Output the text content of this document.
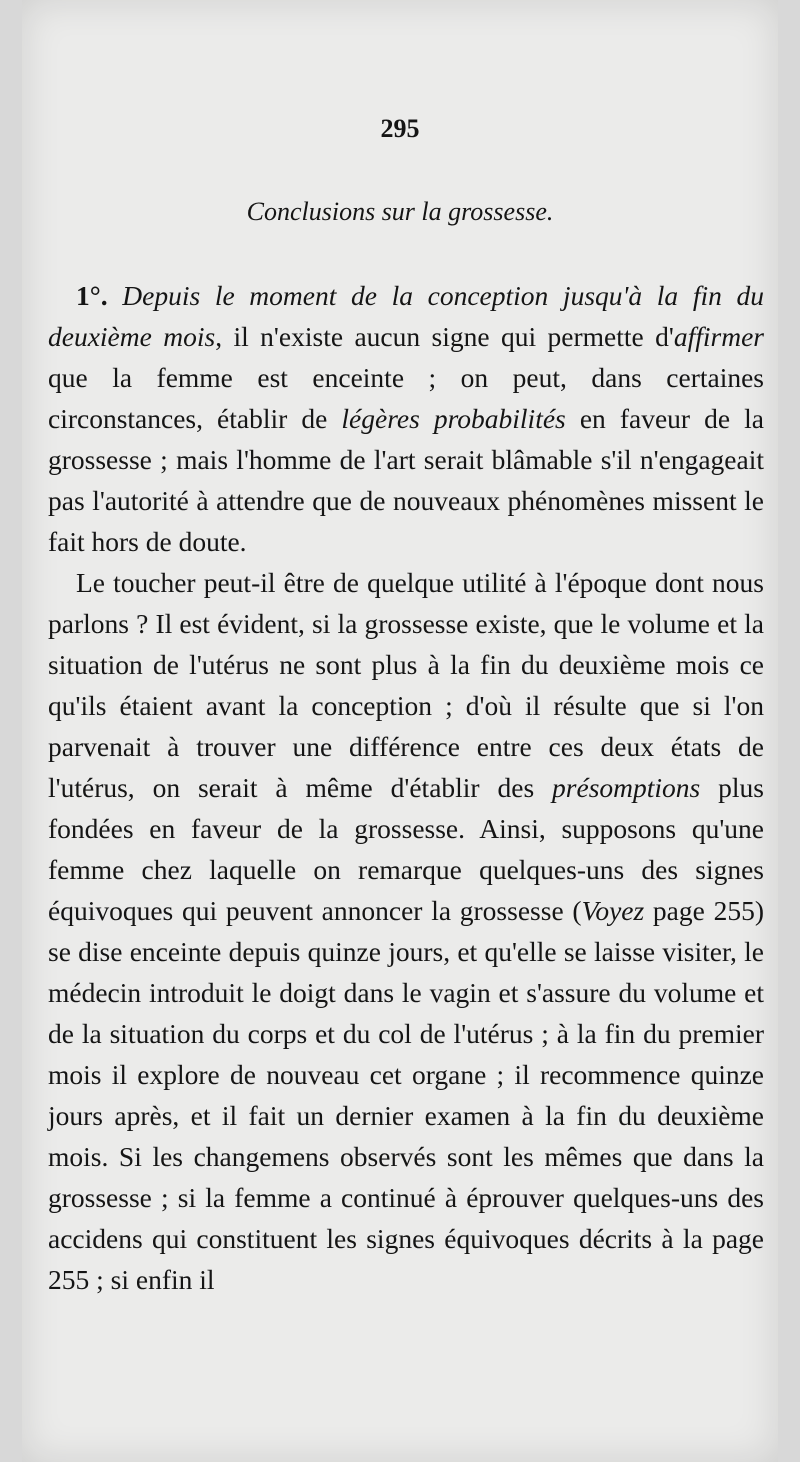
295
Conclusions sur la grossesse.

1°. Depuis le moment de la conception jusqu'à la fin du deuxième mois, il n'existe aucun signe qui permette d'affirmer que la femme est enceinte ; on peut, dans certaines circonstances, établir de légères probabilités en faveur de la grossesse ; mais l'homme de l'art serait blâmable s'il n'engageait pas l'autorité à attendre que de nouveaux phénomènes missent le fait hors de doute.

Le toucher peut-il être de quelque utilité à l'époque dont nous parlons ? Il est évident, si la grossesse existe, que le volume et la situation de l'utérus ne sont plus à la fin du deuxième mois ce qu'ils étaient avant la conception ; d'où il résulte que si l'on parvenait à trouver une différence entre ces deux états de l'utérus, on serait à même d'établir des présomptions plus fondées en faveur de la grossesse. Ainsi, supposons qu'une femme chez laquelle on remarque quelques-uns des signes équivoques qui peuvent annoncer la grossesse (Voyez page 255) se dise enceinte depuis quinze jours, et qu'elle se laisse visiter, le médecin introduit le doigt dans le vagin et s'assure du volume et de la situation du corps et du col de l'utérus ; à la fin du premier mois il explore de nouveau cet organe ; il recommence quinze jours après, et il fait un dernier examen à la fin du deuxième mois. Si les changemens observés sont les mêmes que dans la grossesse ; si la femme a continué à éprouver quelques-uns des accidens qui constituent les signes équivoques décrits à la page 255 ; si enfin il
